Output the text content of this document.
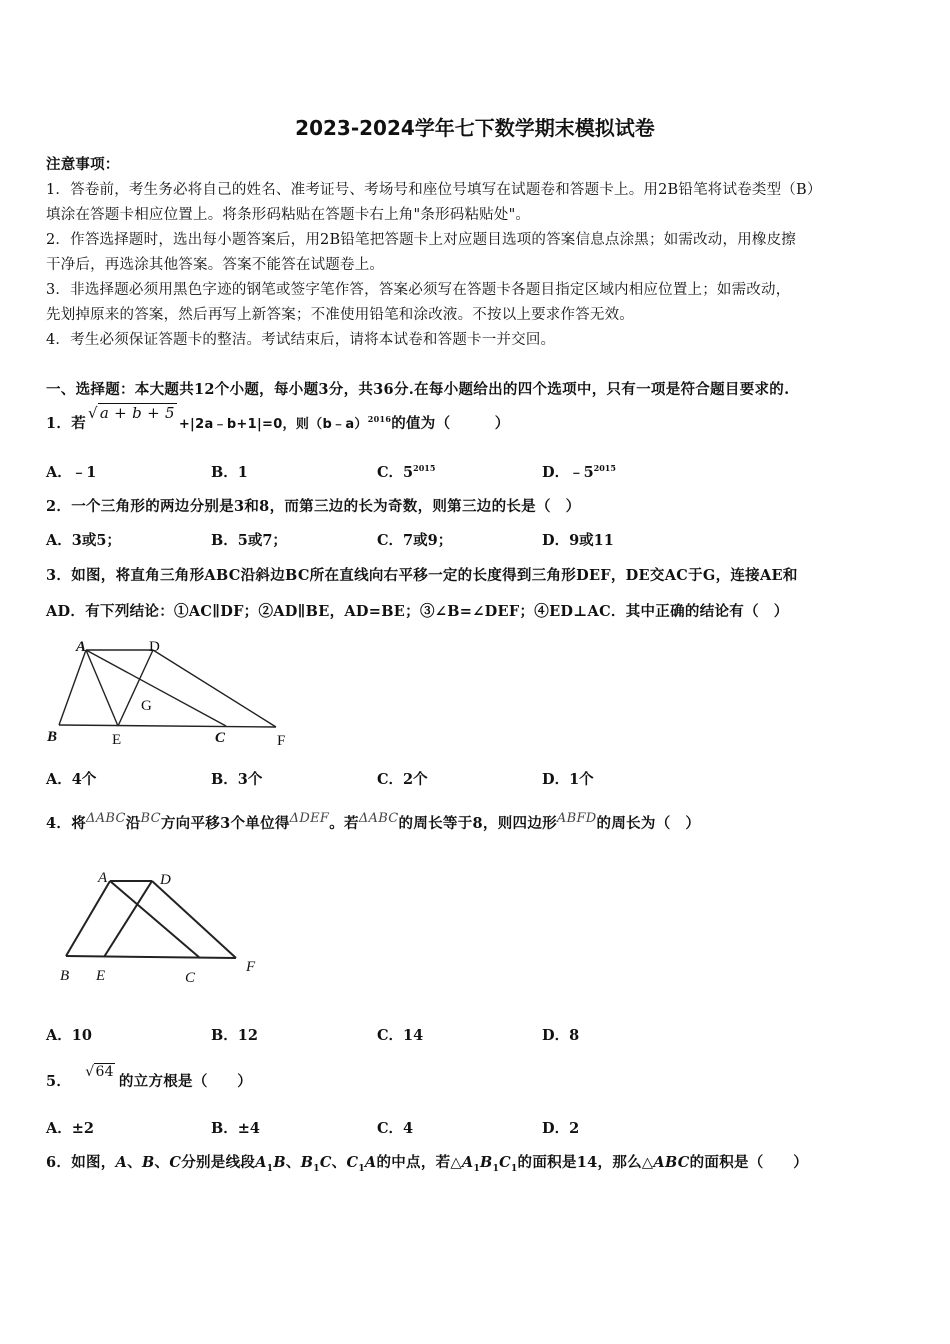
2023-2024学年七下数学期末模拟试卷
注意事项：
1．答卷前，考生务必将自己的姓名、准考证号、考场号和座位号填写在试题卷和答题卡上。用2B铅笔将试卷类型（B）
填涂在答题卡相应位置上。将条形码粘贴在答题卡右上角"条形码粘贴处"。
2．作答选择题时，选出每小题答案后，用2B铅笔把答题卡上对应题目选项的答案信息点涂黑；如需改动，用橡皮擦
干净后，再选涂其他答案。答案不能答在试题卷上。
3．非选择题必须用黑色字迹的钢笔或签字笔作答，答案必须写在答题卡各题目指定区域内相应位置上；如需改动，
先划掉原来的答案，然后再写上新答案；不准使用铅笔和涂改液。不按以上要求作答无效。
4．考生必须保证答题卡的整洁。考试结束后，请将本试卷和答题卡一并交回。
一、选择题：本大题共12个小题，每小题3分，共36分.在每小题给出的四个选项中，只有一项是符合题目要求的.
1．若√ a + b + 5+|2a﹣b+1|=0，则（b﹣a）$^{2016}$的值为（　　　）
A．﹣1	B．1	C．$5^{2015}$	D．$﹣5^{2015}$
2．一个三角形的两边分别是3和8，而第三边的长为奇数，则第三边的长是（　）
A．3或5；	B．5或7；	C．7或9；	D．9或11
3．如图，将直角三角形ABC沿斜边BC所在直线向右平移一定的长度得到三角形DEF，DE交AC于G，连接AE和
AD．有下列结论：①AC∥DF；②AD∥BE，AD=BE；③∠B=∠DEF；④ED⊥AC．其中正确的结论有（　）
A	D
G
B	E	C	F
A．4个	B．3个	C．2个	D．1个
4．将ΔABC沿BC方向平移3个单位得ΔDEF。若ΔABC的周长等于8，则四边形ABFD的周长为（　）
A	D
B E	C
F
A．10	B．12	C．14	D．8
5．√64的立方根是（　　）
A．±2	B．±4	C．4	D．2
6．如图，A、B、C分别是线段$A_1B$、$B_1C$、$C_1A$的中点，若$\triangle A_1B_1C_1$的面积是14，那么△ABC的面积是（　　）
